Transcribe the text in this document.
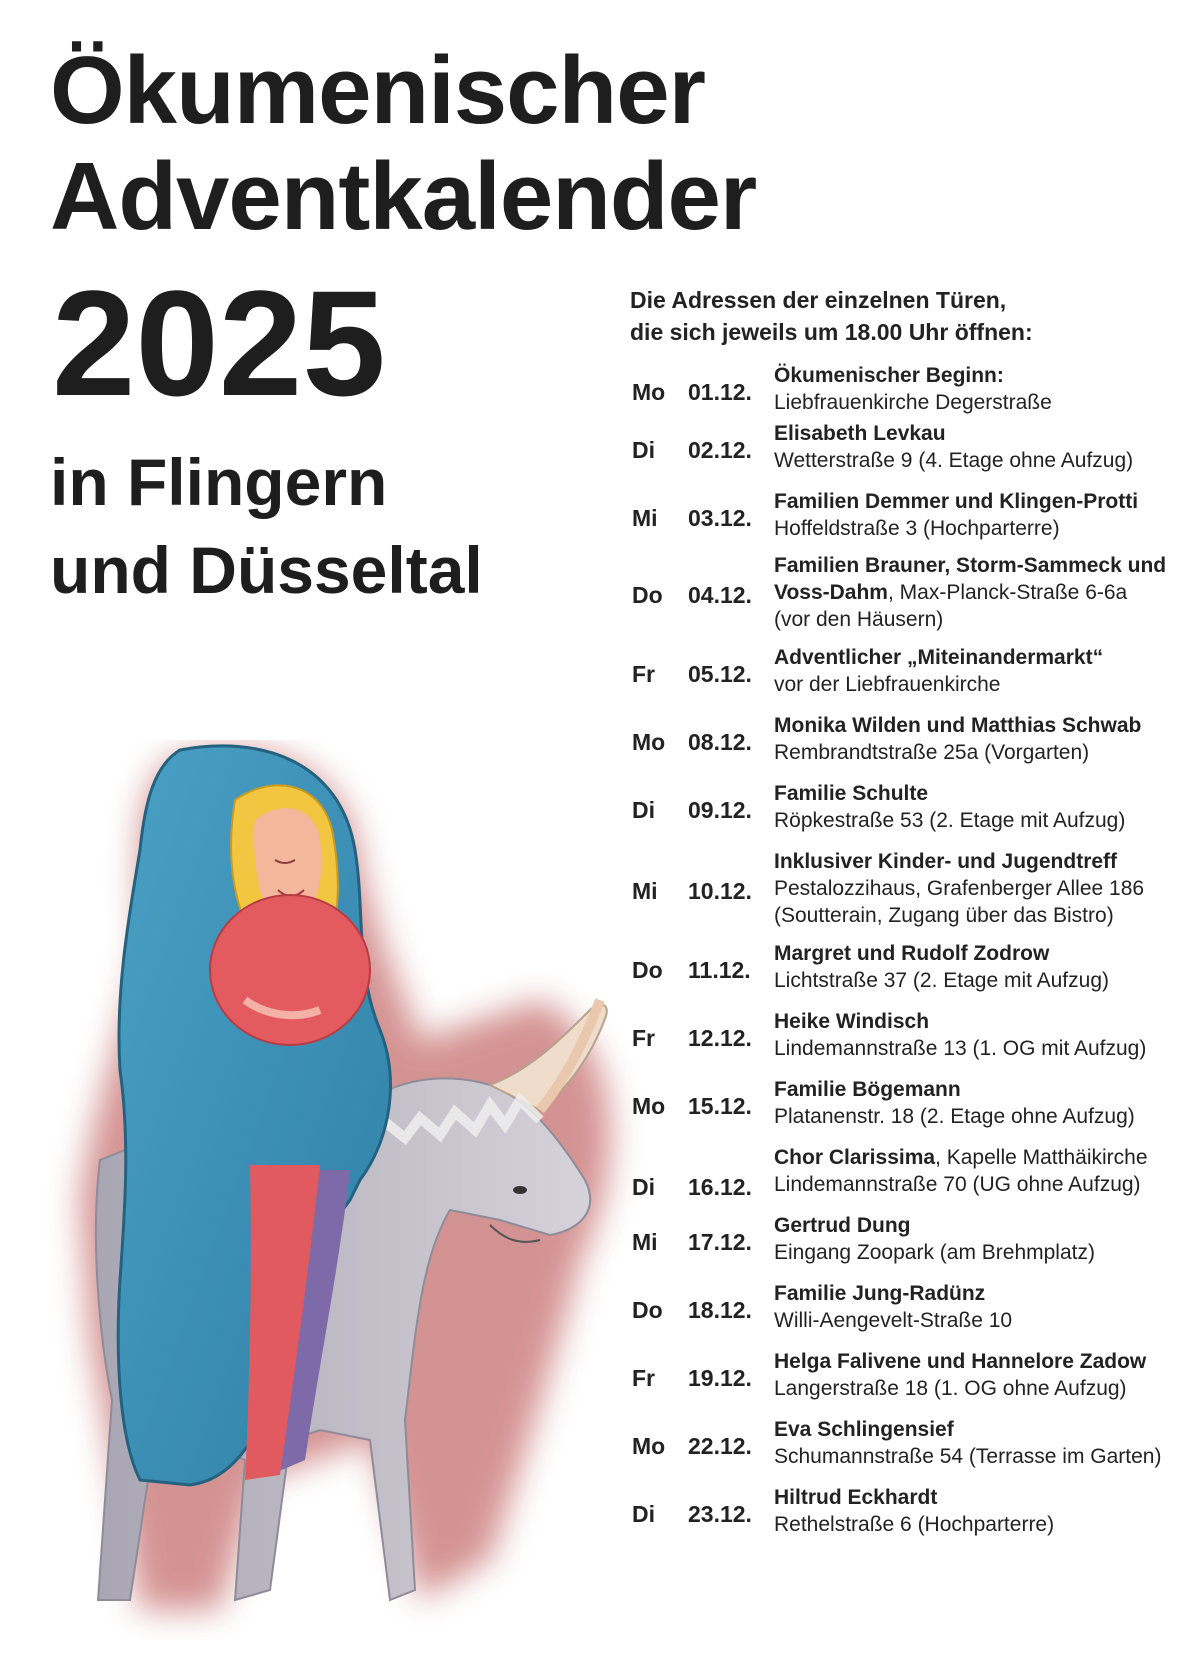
Ökumenischer
Adventkalender
2025
in Flingern
und Düsseltal
Die Adressen der einzelnen Türen,
die sich jeweils um 18.00 Uhr öffnen:
Mo 01.12.
Ökumenischer Beginn:
Liebfrauenkirche Degerstraße
Di	02.12.
Elisabeth Levkau
Wetterstraße 9 (4. Etage ohne Aufzug)
Mi	03.12.
Familien Demmer und Klingen-Protti
Hoffeldstraße 3 (Hochparterre)
Do	04.12.
Familien Brauner, Storm-Sammeck und
Voss-Dahm, Max-Planck-Straße 6-6a
(vor den Häusern)
Fr	05.12.
Adventlicher „Miteinandermarkt“
vor der Liebfrauenkirche
Mo 08.12.
Monika Wilden und Matthias Schwab
Rembrandtstraße 25a (Vorgarten)
Di	09.12.
Familie Schulte
Röpkestraße 53 (2. Etage mit Aufzug)
Mi	10.12.
Inklusiver Kinder- und Jugendtreff
Pestalozzihaus, Grafenberger Allee 186
(Soutterain, Zugang über das Bistro)
Do	11.12.
Margret und Rudolf Zodrow
Lichtstraße 37 (2. Etage mit Aufzug)
Fr	12.12.
Heike Windisch
Lindemannstraße 13 (1. OG mit Aufzug)
Mo 15.12.
Familie Bögemann
Platanenstr. 18 (2. Etage ohne Aufzug)
Di	16.12.
Chor Clarissima, Kapelle Matthäikirche
Lindemannstraße 70 (UG ohne Aufzug)
Mi	17.12.
Gertrud Dung
Eingang Zoopark (am Brehmplatz)
Do	18.12.
Familie Jung-Radünz
Willi-Aengevelt-Straße 10
Fr	19.12.
Helga Falivene und Hannelore Zadow
Langerstraße 18 (1. OG ohne Aufzug)
Mo 22.12.
Eva Schlingensief
Schumannstraße 54 (Terrasse im Garten)
Di	23.12.
Hiltrud Eckhardt
Rethelstraße 6 (Hochparterre)
